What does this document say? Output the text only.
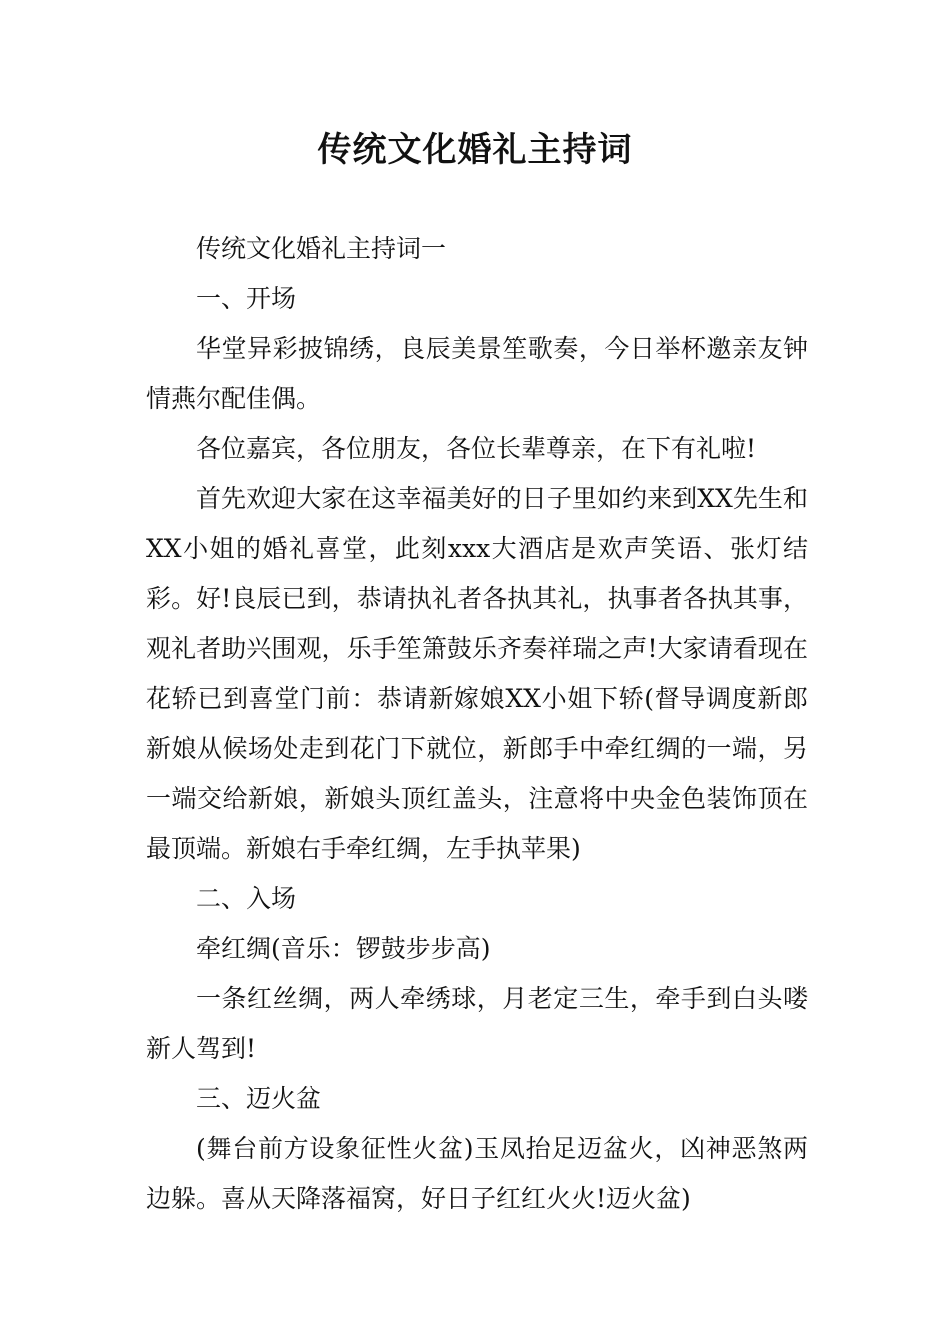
传统文化婚礼主持词

传统文化婚礼主持词一

一、开场

华堂异彩披锦绣，良辰美景笙歌奏，今日举杯邀亲友钟情燕尔配佳偶。

各位嘉宾，各位朋友，各位长辈尊亲，在下有礼啦!

首先欢迎大家在这幸福美好的日子里如约来到XX先生和XX小姐的婚礼喜堂，此刻xxx大酒店是欢声笑语、张灯结彩。好!良辰已到，恭请执礼者各执其礼，执事者各执其事，观礼者助兴围观，乐手笙箫鼓乐齐奏祥瑞之声!大家请看现在花轿已到喜堂门前：恭请新嫁娘XX小姐下轿(督导调度新郎新娘从候场处走到花门下就位，新郎手中牵红绸的一端，另一端交给新娘，新娘头顶红盖头，注意将中央金色装饰顶在最顶端。新娘右手牵红绸，左手执苹果)

二、入场

牵红绸(音乐：锣鼓步步高)

一条红丝绸，两人牵绣球，月老定三生，牵手到白头喽新人驾到!

三、迈火盆

(舞台前方设象征性火盆)玉凤抬足迈盆火，凶神恶煞两边躲。喜从天降落福窝，好日子红红火火!迈火盆)
